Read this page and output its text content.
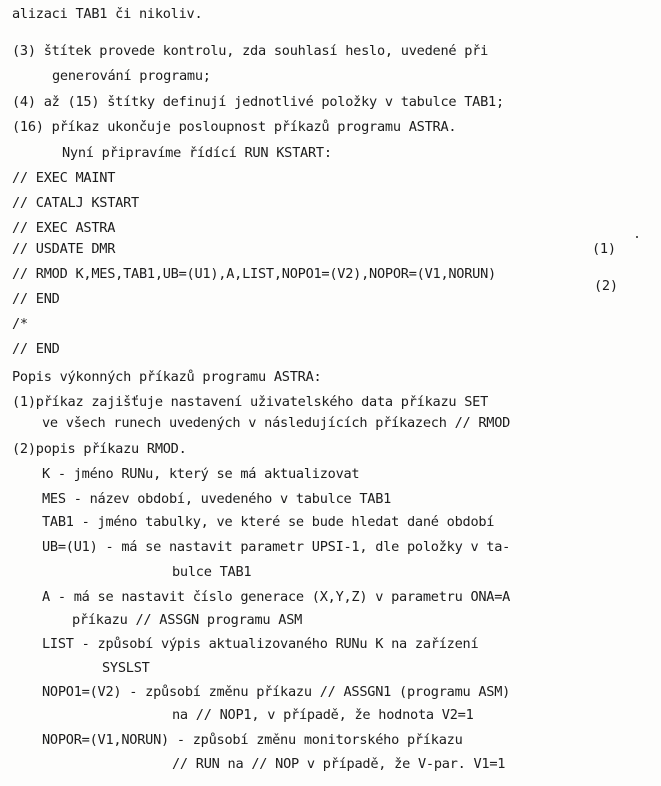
alizaci TAB1 či nikoliv.
(3) štítek provede kontrolu, zda souhlasí heslo, uvedené při
generování programu;
(4) až (15) štítky definují jednotlivé položky v tabulce TAB1;
(16) příkaz ukončuje posloupnost příkazů programu ASTRA.
Nyní připravíme řídící RUN KSTART:
// EXEC MAINT
// CATALJ KSTART
// EXEC ASTRA
// USDATE DMR	(1)
// RMOD K,MES,TAB1,UB=(U1),A,LIST,NOPO1=(V2),NOPOR=(V1,NORUN)
(2)
// END
/*
// END
Popis výkonných příkazů programu ASTRA:
(1)příkaz zajišťuje nastavení uživatelského data příkazu SET
ve všech runech uvedených v následujících příkazech // RMOD
(2)popis příkazu RMOD.
K - jméno RUNu, který se má aktualizovat
MES - název období, uvedeného v tabulce TAB1
TAB1 - jméno tabulky, ve které se bude hledat dané období
UB=(U1) - má se nastavit parametr UPSI-1, dle položky v ta-
bulce TAB1
A - má se nastavit číslo generace (X,Y,Z) v parametru ONA=A
příkazu // ASSGN programu ASM
LIST - způsobí výpis aktualizovaného RUNu K na zařízení
SYSLST
NOPO1=(V2) - způsobí změnu příkazu // ASSGN1 (programu ASM)
na // NOP1, v případě, že hodnota V2=1
NOPOR=(V1,NORUN) - způsobí změnu monitorského příkazu
// RUN na // NOP v případě, že V-par. V1=1
